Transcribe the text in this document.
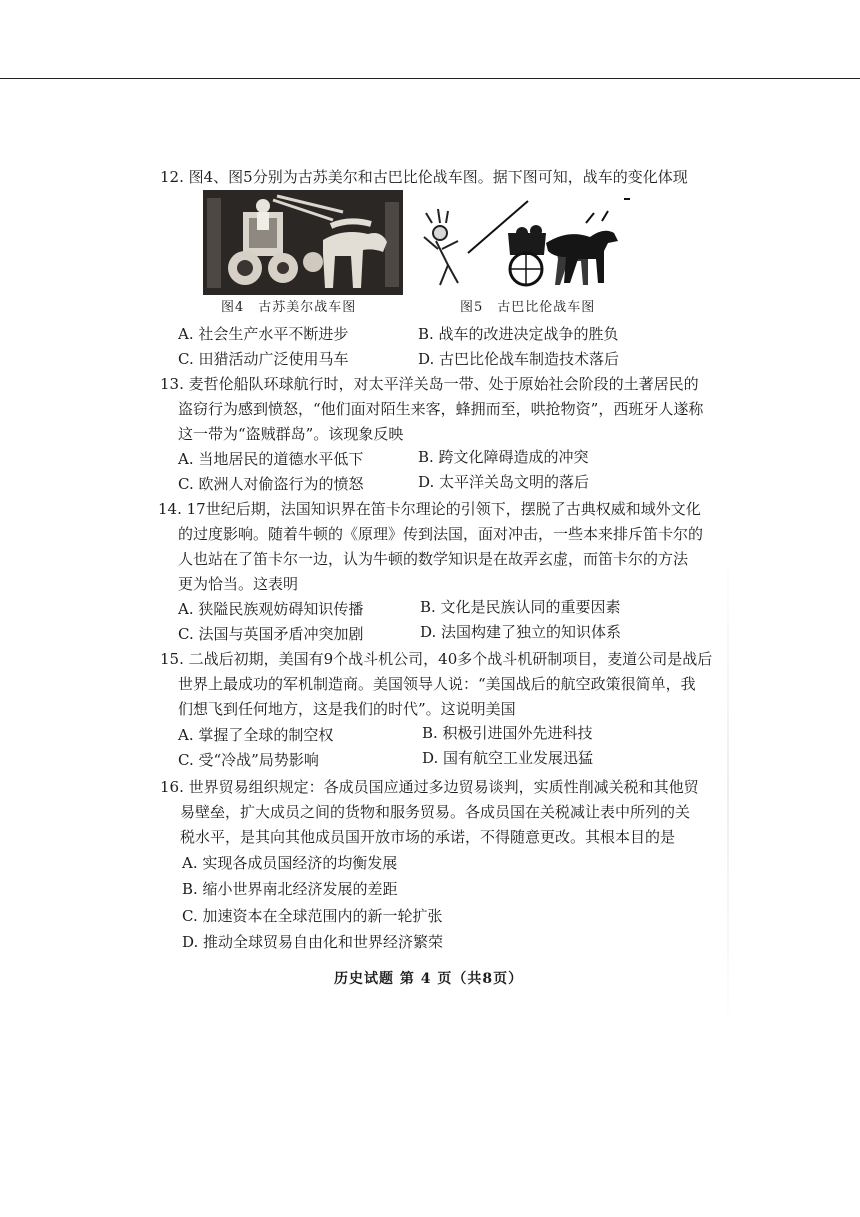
12. 图4、图5分别为古苏美尔和古巴比伦战车图。据下图可知，战车的变化体现
图4　古苏美尔战车图	图5　古巴比伦战车图
A. 社会生产水平不断进步	B. 战车的改进决定战争的胜负
C. 田猎活动广泛使用马车	D. 古巴比伦战车制造技术落后
13. 麦哲伦船队环球航行时，对太平洋关岛一带、处于原始社会阶段的土著居民的
盗窃行为感到愤怒，“他们面对陌生来客，蜂拥而至，哄抢物资”，西班牙人遂称
这一带为“盗贼群岛”。该现象反映
A. 当地居民的道德水平低下	B. 跨文化障碍造成的冲突
C. 欧洲人对偷盗行为的愤怒	D. 太平洋关岛文明的落后
14. 17世纪后期，法国知识界在笛卡尔理论的引领下，摆脱了古典权威和域外文化
的过度影响。随着牛顿的《原理》传到法国，面对冲击，一些本来排斥笛卡尔的
人也站在了笛卡尔一边，认为牛顿的数学知识是在故弄玄虚，而笛卡尔的方法
更为恰当。这表明
A. 狭隘民族观妨碍知识传播	B. 文化是民族认同的重要因素
C. 法国与英国矛盾冲突加剧	D. 法国构建了独立的知识体系
15. 二战后初期，美国有9个战斗机公司，40多个战斗机研制项目，麦道公司是战后
世界上最成功的军机制造商。美国领导人说：“美国战后的航空政策很简单，我
们想飞到任何地方，这是我们的时代”。这说明美国
A. 掌握了全球的制空权	B. 积极引进国外先进科技
C. 受“冷战”局势影响	D. 国有航空工业发展迅猛
16. 世界贸易组织规定：各成员国应通过多边贸易谈判，实质性削减关税和其他贸
易壁垒，扩大成员之间的货物和服务贸易。各成员国在关税减让表中所列的关
税水平，是其向其他成员国开放市场的承诺，不得随意更改。其根本目的是
A. 实现各成员国经济的均衡发展
B. 缩小世界南北经济发展的差距
C. 加速资本在全球范围内的新一轮扩张
D. 推动全球贸易自由化和世界经济繁荣
历史试题 第 4 页（共8页）
